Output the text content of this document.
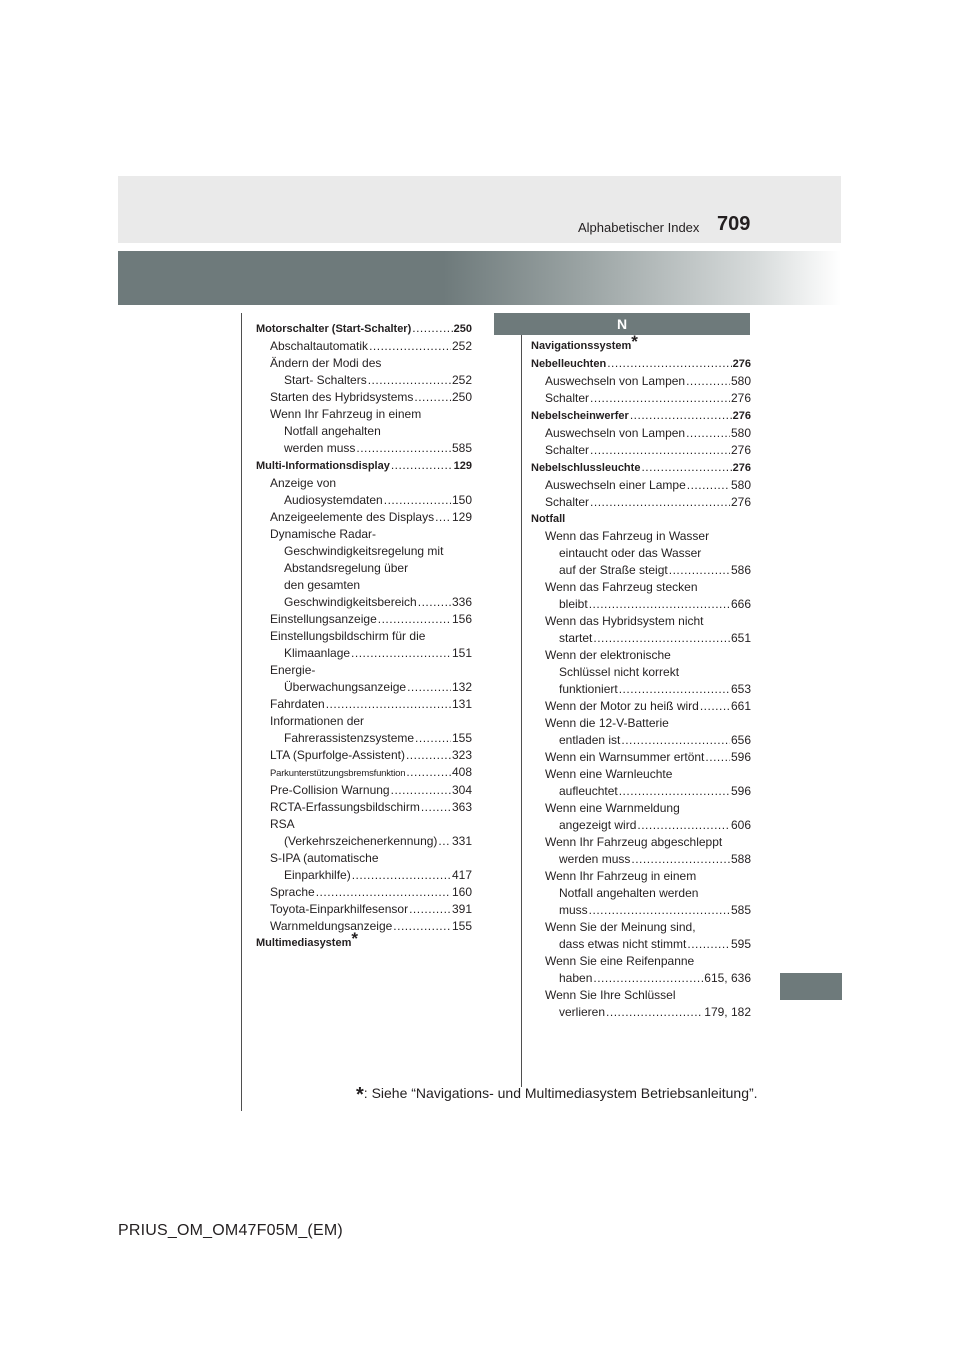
Alphabetischer Index 709
N
Motorschalter (Start-Schalter) .....	250
Abschaltautomatik .....	252
Ändern der Modi des
Start- Schalters .....	252
Starten des Hybridsystems .....	250
Wenn Ihr Fahrzeug in einem
Notfall angehalten
werden muss .....	585
Multi-Informationsdisplay .....	129
Anzeige von
Audiosystemdaten .....	150
Anzeigeelemente des Displays ..... 129
Dynamische Radar-
Geschwindigkeitsregelung mit
Abstandsregelung über
den gesamten
Geschwindigkeitsbereich .....	336
Einstellungsanzeige .....	156
Einstellungsbildschirm für die
Klimaanlage .....	151
Energie-
Überwachungsanzeige .....	132
Fahrdaten .....	131
Informationen der
Fahrerassistenzsysteme .....	155
LTA (Spurfolge-Assistent) .....	323
Parkunterstützungsbremsfunktion .....	408
Pre-Collision Warnung .....	304
RCTA-Erfassungsbildschirm .....	363
RSA
(Verkehrszeichenerkennung) ..... 331
S-IPA (automatische
Einparkhilfe) .....	417
Sprache .....	160
Toyota-Einparkhilfesensor .....	391
Warnmeldungsanzeige .....	155
Multimediasystem*
Navigationssystem*
Nebelleuchten .....	276
Auswechseln von Lampen .....	580
Schalter .....	276
Nebelscheinwerfer .....	276
Auswechseln von Lampen .....	580
Schalter .....	276
Nebelschlussleuchte .....	276
Auswechseln einer Lampe .....	580
Schalter .....	276
Notfall
Wenn das Fahrzeug in Wasser
eintaucht oder das Wasser
auf der Straße steigt .....	586
Wenn das Fahrzeug stecken
bleibt .....	666
Wenn das Hybridsystem nicht
startet .....	651
Wenn der elektronische
Schlüssel nicht korrekt
funktioniert .....	653
Wenn der Motor zu heiß wird .....	661
Wenn die 12-V-Batterie
entladen ist .....	656
Wenn ein Warnsummer ertönt ..... 596
Wenn eine Warnleuchte
aufleuchtet .....	596
Wenn eine Warnmeldung
angezeigt wird .....	606
Wenn Ihr Fahrzeug abgeschleppt
werden muss .....	588
Wenn Ihr Fahrzeug in einem
Notfall angehalten werden
muss .....	585
Wenn Sie der Meinung sind,
dass etwas nicht stimmt .....	595
Wenn Sie eine Reifenpanne
haben .....	615, 636
Wenn Sie Ihre Schlüssel
verlieren .....	179, 182
*: Siehe “Navigations- und Multimediasystem Betriebsanleitung”.
PRIUS_OM_OM47F05M_(EM)
